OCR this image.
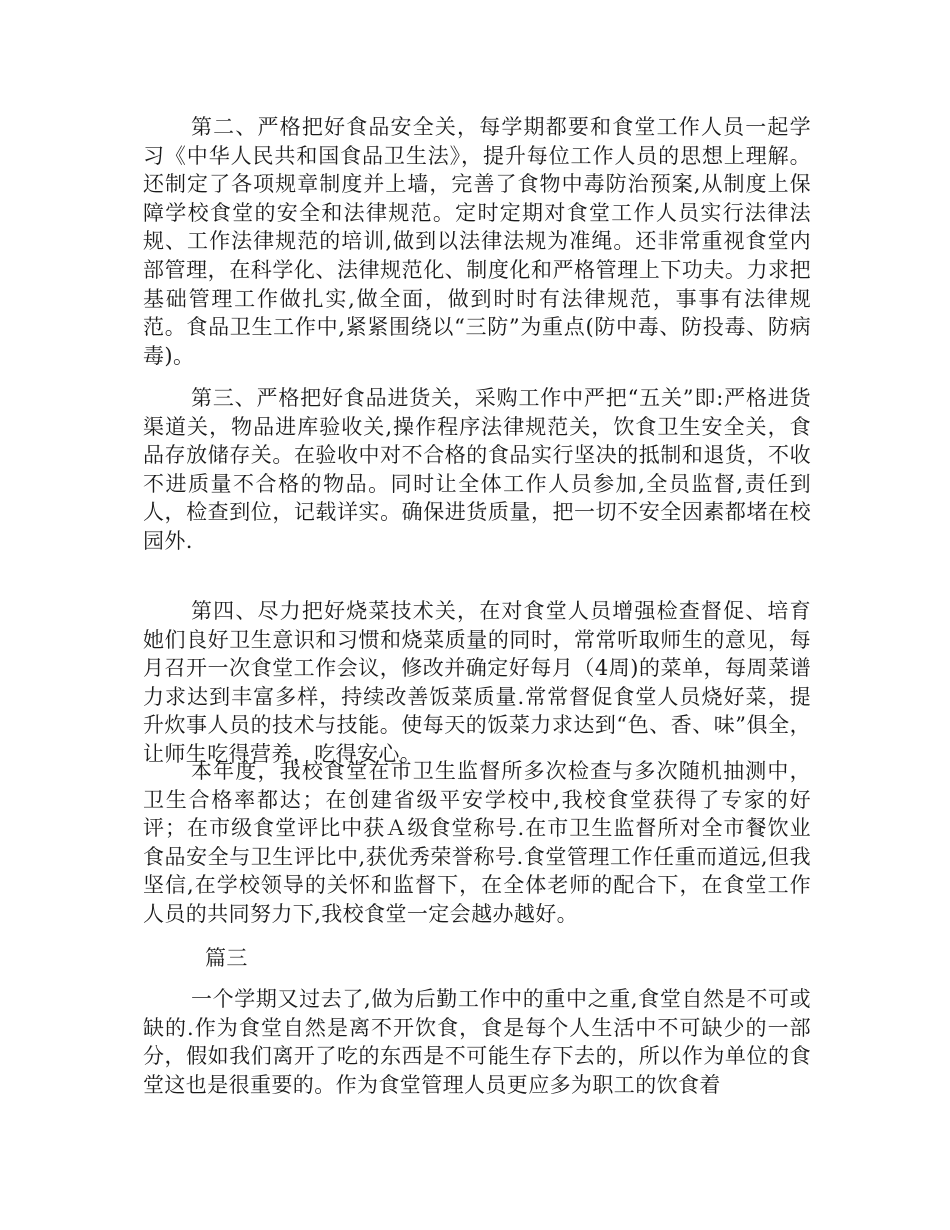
第二、严格把好食品安全关，每学期都要和食堂工作人员一起学习《中华人民共和国食品卫生法》，提升每位工作人员的思想上理解。还制定了各项规章制度并上墙，完善了食物中毒防治预案,从制度上保障学校食堂的安全和法律规范。定时定期对食堂工作人员实行法律法规、工作法律规范的培训,做到以法律法规为准绳。还非常重视食堂内部管理，在科学化、法律规范化、制度化和严格管理上下功夫。力求把基础管理工作做扎实,做全面，做到时时有法律规范，事事有法律规范。食品卫生工作中,紧紧围绕以“三防”为重点(防中毒、防投毒、防病毒)。

第三、严格把好食品进货关，采购工作中严把“五关”即:严格进货渠道关，物品进库验收关,操作程序法律规范关，饮食卫生安全关，食品存放储存关。在验收中对不合格的食品实行坚决的抵制和退货，不收不进质量不合格的物品。同时让全体工作人员参加,全员监督,责任到人，检查到位，记载详实。确保进货质量，把一切不安全因素都堵在校园外.

第四、尽力把好烧菜技术关，在对食堂人员增强检查督促、培育她们良好卫生意识和习惯和烧菜质量的同时，常常听取师生的意见，每月召开一次食堂工作会议，修改并确定好每月（4周)的菜单，每周菜谱力求达到丰富多样，持续改善饭菜质量.常常督促食堂人员烧好菜，提升炊事人员的技术与技能。使每天的饭菜力求达到“色、香、味”俱全，让师生吃得营养，吃得安心。

本年度，我校食堂在市卫生监督所多次检查与多次随机抽测中，卫生合格率都达；在创建省级平安学校中,我校食堂获得了专家的好评；在市级食堂评比中获Ａ级食堂称号.在市卫生监督所对全市餐饮业食品安全与卫生评比中,获优秀荣誉称号.食堂管理工作任重而道远,但我坚信,在学校领导的关怀和监督下，在全体老师的配合下，在食堂工作人员的共同努力下,我校食堂一定会越办越好。

篇三

一个学期又过去了,做为后勤工作中的重中之重,食堂自然是不可或缺的.作为食堂自然是离不开饮食，食是每个人生活中不可缺少的一部分，假如我们离开了吃的东西是不可能生存下去的，所以作为单位的食堂这也是很重要的。作为食堂管理人员更应多为职工的饮食着
